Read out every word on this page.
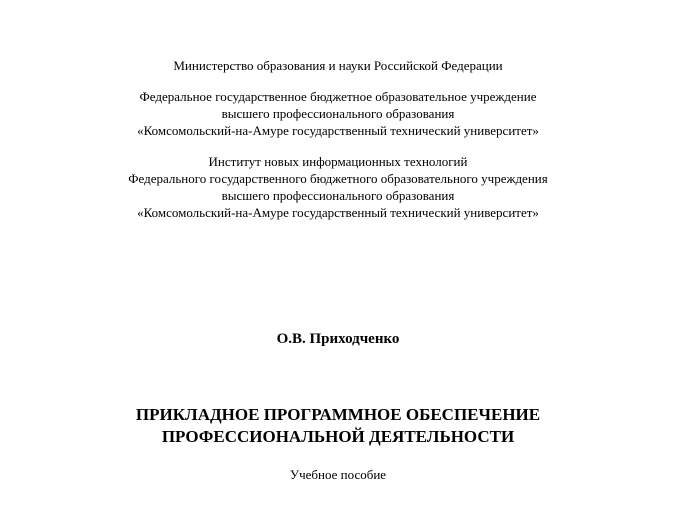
Министерство образования и науки Российской Федерации
Федеральное государственное бюджетное образовательное учреждение
высшего профессионального образования
«Комсомольский-на-Амуре государственный технический университет»
Институт новых информационных технологий
Федерального государственного бюджетного образовательного учреждения
высшего профессионального образования
«Комсомольский-на-Амуре государственный технический университет»
О.В. Приходченко
ПРИКЛАДНОЕ ПРОГРАММНОЕ ОБЕСПЕЧЕНИЕ
ПРОФЕССИОНАЛЬНОЙ ДЕЯТЕЛЬНОСТИ
Учебное пособие
